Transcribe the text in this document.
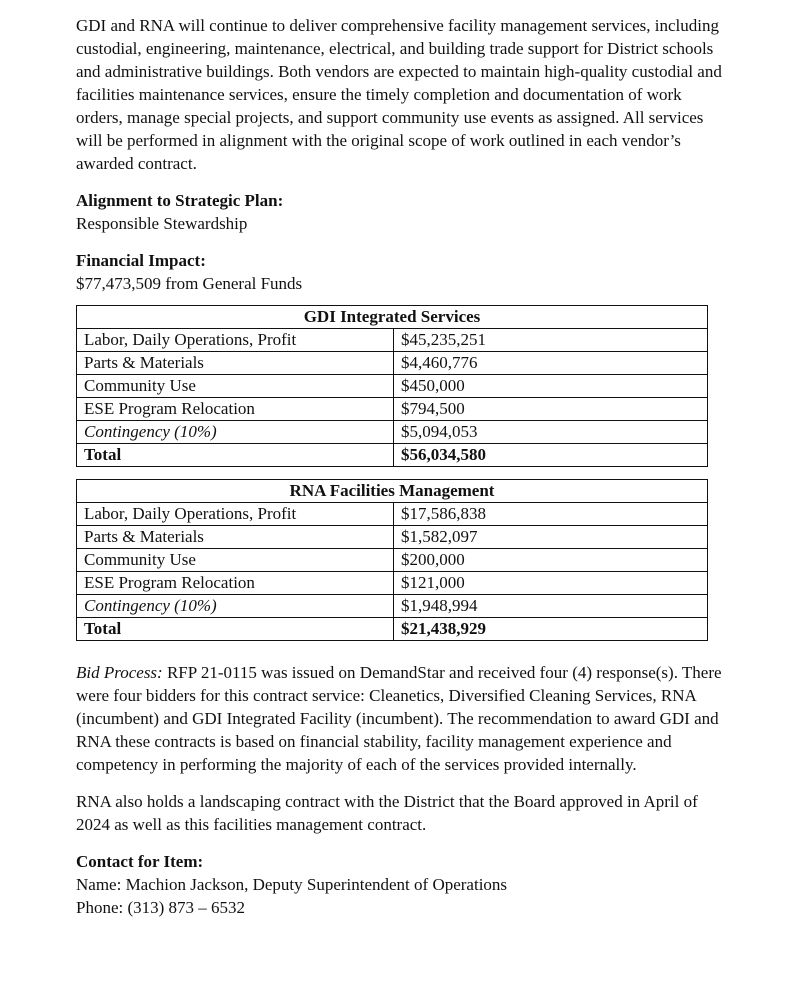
GDI and RNA will continue to deliver comprehensive facility management services, including custodial, engineering, maintenance, electrical, and building trade support for District schools and administrative buildings. Both vendors are expected to maintain high-quality custodial and facilities maintenance services, ensure the timely completion and documentation of work orders, manage special projects, and support community use events as assigned. All services will be performed in alignment with the original scope of work outlined in each vendor’s awarded contract.

Alignment to Strategic Plan:

Responsible Stewardship

Financial Impact:

$77,473,509 from General Funds

GDI Integrated Services	
Labor, Daily Operations, Profit	$45,235,251
Parts & Materials	$4,460,776
Community Use	$450,000
ESE Program Relocation	$794,500
Contingency (10%)	$5,094,053
Total	$56,034,580
RNA Facilities Management	
Labor, Daily Operations, Profit	$17,586,838
Parts & Materials	$1,582,097
Community Use	$200,000
ESE Program Relocation	$121,000
Contingency (10%)	$1,948,994
Total	$21,438,929

Bid Process: RFP 21-0115 was issued on DemandStar and received four (4) response(s). There were four bidders for this contract service: Cleanetics, Diversified Cleaning Services, RNA (incumbent) and GDI Integrated Facility (incumbent). The recommendation to award GDI and RNA these contracts is based on financial stability, facility management experience and competency in performing the majority of each of the services provided internally.

RNA also holds a landscaping contract with the District that the Board approved in April of 2024 as well as this facilities management contract.

Contact for Item:

Name: Machion Jackson, Deputy Superintendent of Operations

Phone: (313) 873 – 6532
